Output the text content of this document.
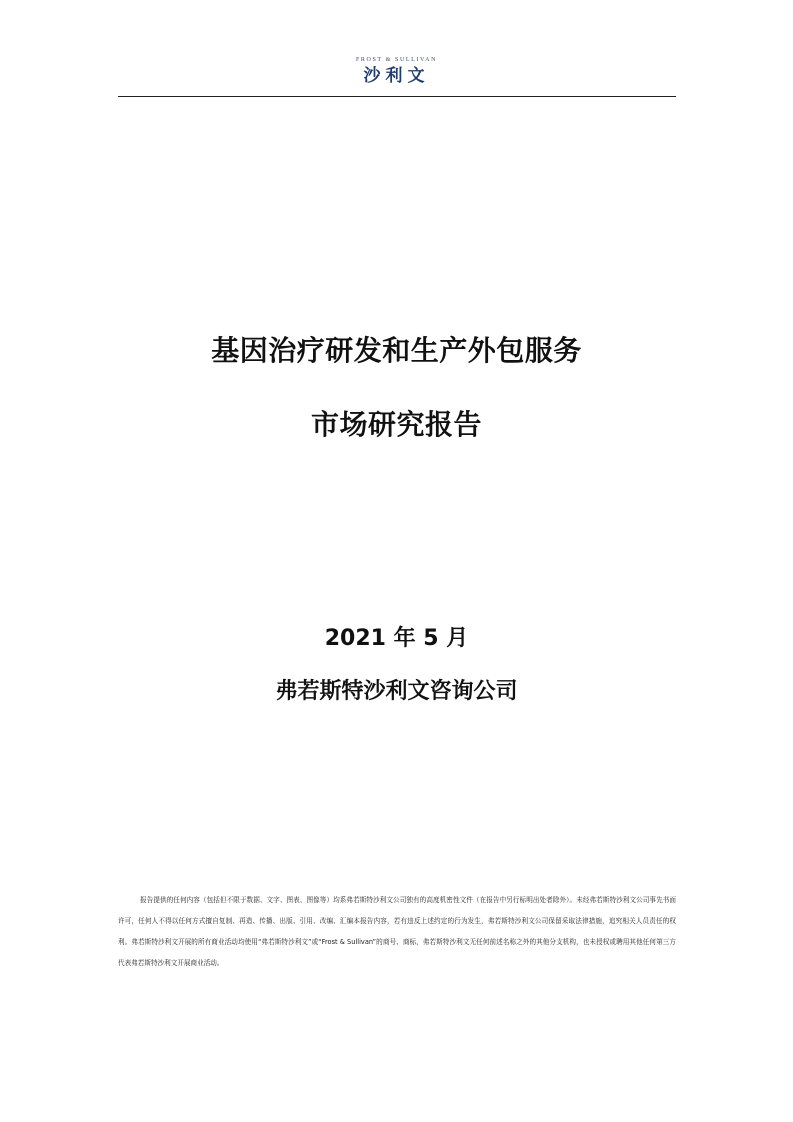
FROST & SULLIVAN
沙利文
基因治疗研发和生产外包服务
市场研究报告
2021 年 5 月
弗若斯特沙利文咨询公司
报告提供的任何内容（包括但不限于数据、文字、图表、图像等）均系弗若斯特沙利文公司独有的高度机密性文件（在报告中另行标明出处者除外）。未经弗若斯特沙利文公司事先书面许可，任何人不得以任何方式擅自复制、再造、传播、出版、引用、改编、汇编本报告内容，若有违反上述约定的行为发生，弗若斯特沙利文公司保留采取法律措施，追究相关人员责任的权利。弗若斯特沙利文开展的所有商业活动均使用“弗若斯特沙利文”或“Frost & Sullivan”的商号、商标，弗若斯特沙利文无任何前述名称之外的其他分支机构，也未授权或聘用其他任何第三方代表弗若斯特沙利文开展商业活动。
